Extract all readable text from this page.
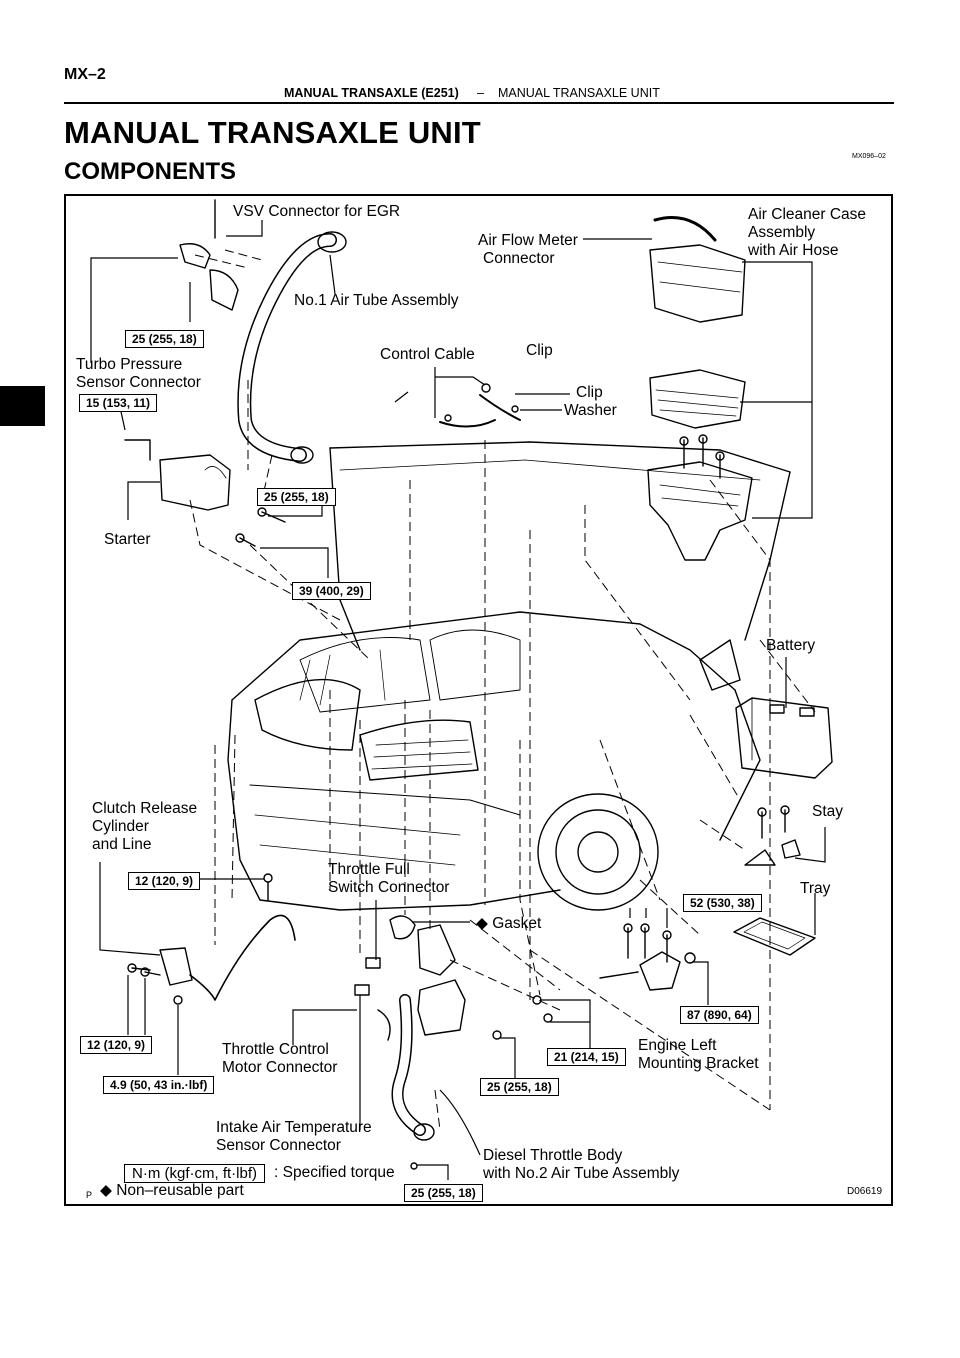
MX–2
MANUAL TRANSAXLE (E251) – MANUAL TRANSAXLE UNIT
MANUAL TRANSAXLE UNIT
COMPONENTS
MX096–02
VSV Connector for EGR
Air Flow Meter
Connector
Air Cleaner Case
Assembly
with Air Hose
No.1 Air Tube Assembly
Turbo Pressure
Sensor Connector
Control Cable	Clip
Clip
Washer
Starter
Battery
Clutch Release
Cylinder
and Line
Stay
Throttle Full
Switch Connector	Tray
◆ Gasket
Throttle Control
Motor Connector
Engine Left
Mounting Bracket
Intake Air Temperature
Sensor Connector
Diesel Throttle Body
with No.2 Air Tube Assembly
25 (255, 18)
15 (153, 11)
25 (255, 18)
39 (400, 29)
12 (120, 9)
52 (530, 38)
87 (890, 64)
12 (120, 9)
21 (214, 15)
4.9 (50, 43 in.·lbf)	25 (255, 18)
25 (255, 18)
N·m (kgf·cm, ft·lbf)	: Specified torque
◆ Non–reusable part
P	D06619
